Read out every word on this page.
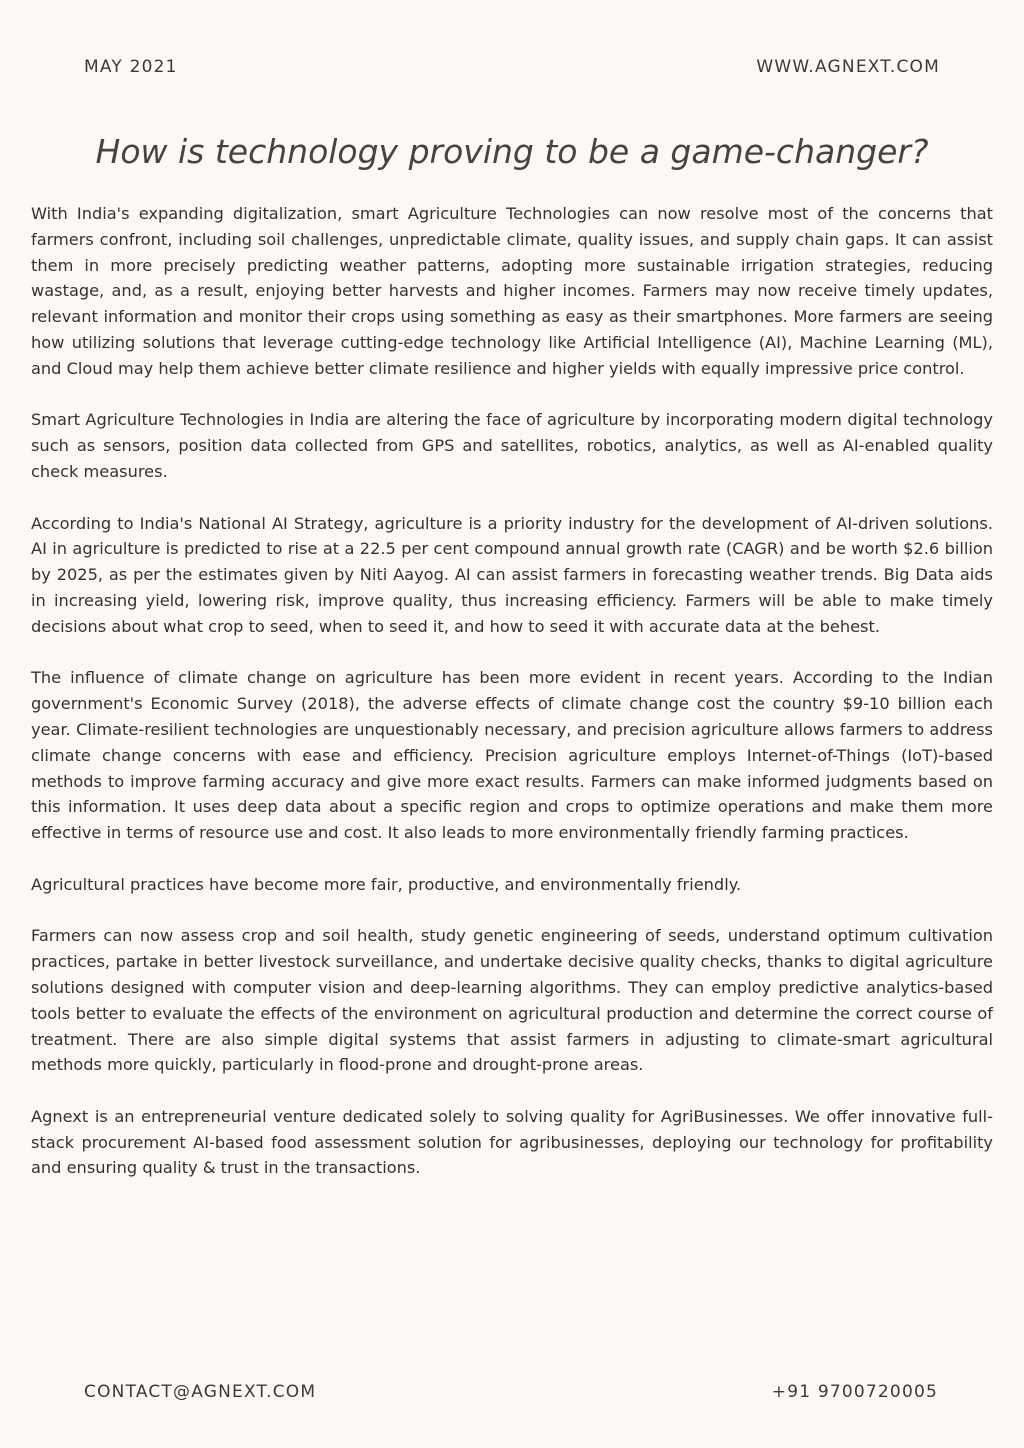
MAY 2021	WWW.AGNEXT.COM
How is technology proving to be a game-changer?

With India's expanding digitalization, smart Agriculture Technologies can now resolve most of the concerns that farmers confront, including soil challenges, unpredictable climate, quality issues, and supply chain gaps. It can assist them in more precisely predicting weather patterns, adopting more sustainable irrigation strategies, reducing wastage, and, as a result, enjoying better harvests and higher incomes. Farmers may now receive timely updates, relevant information and monitor their crops using something as easy as their smartphones. More farmers are seeing how utilizing solutions that leverage cutting-edge technology like Artificial Intelligence (AI), Machine Learning (ML), and Cloud may help them achieve better climate resilience and higher yields with equally impressive price control.

Smart Agriculture Technologies in India are altering the face of agriculture by incorporating modern digital technology such as sensors, position data collected from GPS and satellites, robotics, analytics, as well as AI-enabled quality check measures.

According to India's National AI Strategy, agriculture is a priority industry for the development of AI-driven solutions. AI in agriculture is predicted to rise at a 22.5 per cent compound annual growth rate (CAGR) and be worth $2.6 billion by 2025, as per the estimates given by Niti Aayog. AI can assist farmers in forecasting weather trends. Big Data aids in increasing yield, lowering risk, improve quality, thus increasing efficiency. Farmers will be able to make timely decisions about what crop to seed, when to seed it, and how to seed it with accurate data at the behest.

The influence of climate change on agriculture has been more evident in recent years. According to the Indian government's Economic Survey (2018), the adverse effects of climate change cost the country $9-10 billion each year. Climate-resilient technologies are unquestionably necessary, and precision agriculture allows farmers to address climate change concerns with ease and efficiency. Precision agriculture employs Internet-of-Things (IoT)-based methods to improve farming accuracy and give more exact results. Farmers can make informed judgments based on this information. It uses deep data about a specific region and crops to optimize operations and make them more effective in terms of resource use and cost. It also leads to more environmentally friendly farming practices.

Agricultural practices have become more fair, productive, and environmentally friendly.

Farmers can now assess crop and soil health, study genetic engineering of seeds, understand optimum cultivation practices, partake in better livestock surveillance, and undertake decisive quality checks, thanks to digital agriculture solutions designed with computer vision and deep-learning algorithms. They can employ predictive analytics-based tools better to evaluate the effects of the environment on agricultural production and determine the correct course of treatment. There are also simple digital systems that assist farmers in adjusting to climate-smart agricultural methods more quickly, particularly in flood-prone and drought-prone areas.

Agnext is an entrepreneurial venture dedicated solely to solving quality for AgriBusinesses. We offer innovative full-stack procurement AI-based food assessment solution for agribusinesses, deploying our technology for profitability and ensuring quality & trust in the transactions.

CONTACT@AGNEXT.COM	+91 9700720005
